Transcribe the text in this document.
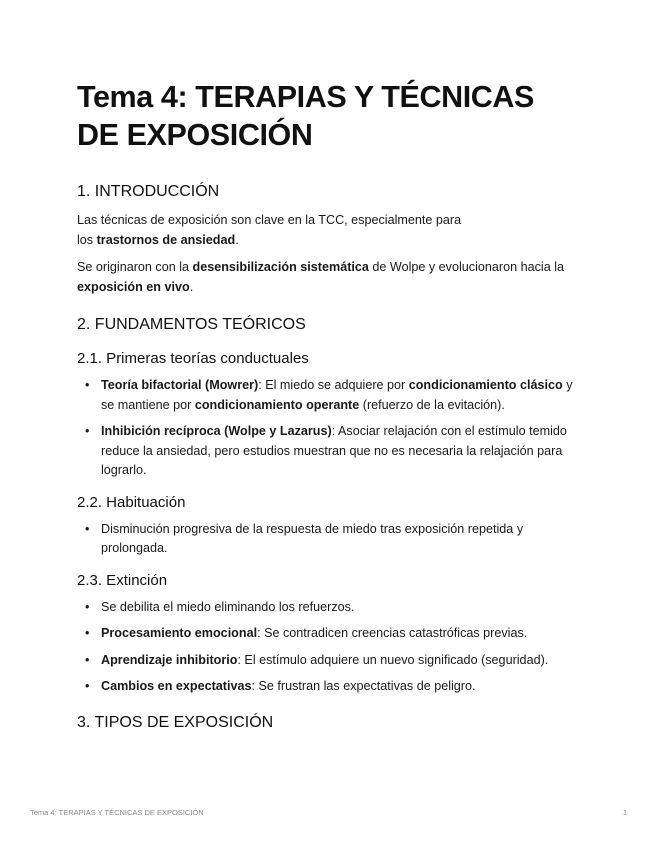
Tema 4: TERAPIAS Y TÉCNICAS
DE EXPOSICIÓN
1. INTRODUCCIÓN

Las técnicas de exposición son clave en la TCC, especialmente para
los trastornos de ansiedad.

Se originaron con la desensibilización sistemática de Wolpe y evolucionaron hacia la exposición en vivo.

2. FUNDAMENTOS TEÓRICOS
2.1. Primeras teorías conductuales
• Teoría bifactorial (Mowrer): El miedo se adquiere por condicionamiento clásico y se mantiene por condicionamiento operante (refuerzo de la evitación).
• Inhibición recíproca (Wolpe y Lazarus): Asociar relajación con el estímulo temido reduce la ansiedad, pero estudios muestran que no es necesaria la relajación para lograrlo.
2.2. Habituación
• Disminución progresiva de la respuesta de miedo tras exposición repetida y prolongada.
2.3. Extinción
• Se debilita el miedo eliminando los refuerzos.
• Procesamiento emocional: Se contradicen creencias catastróficas previas.
• Aprendizaje inhibitorio: El estímulo adquiere un nuevo significado (seguridad).
• Cambios en expectativas: Se frustran las expectativas de peligro.
3. TIPOS DE EXPOSICIÓN
Tema 4: TERAPIAS Y TÉCNICAS DE EXPOSICIÓN	1
